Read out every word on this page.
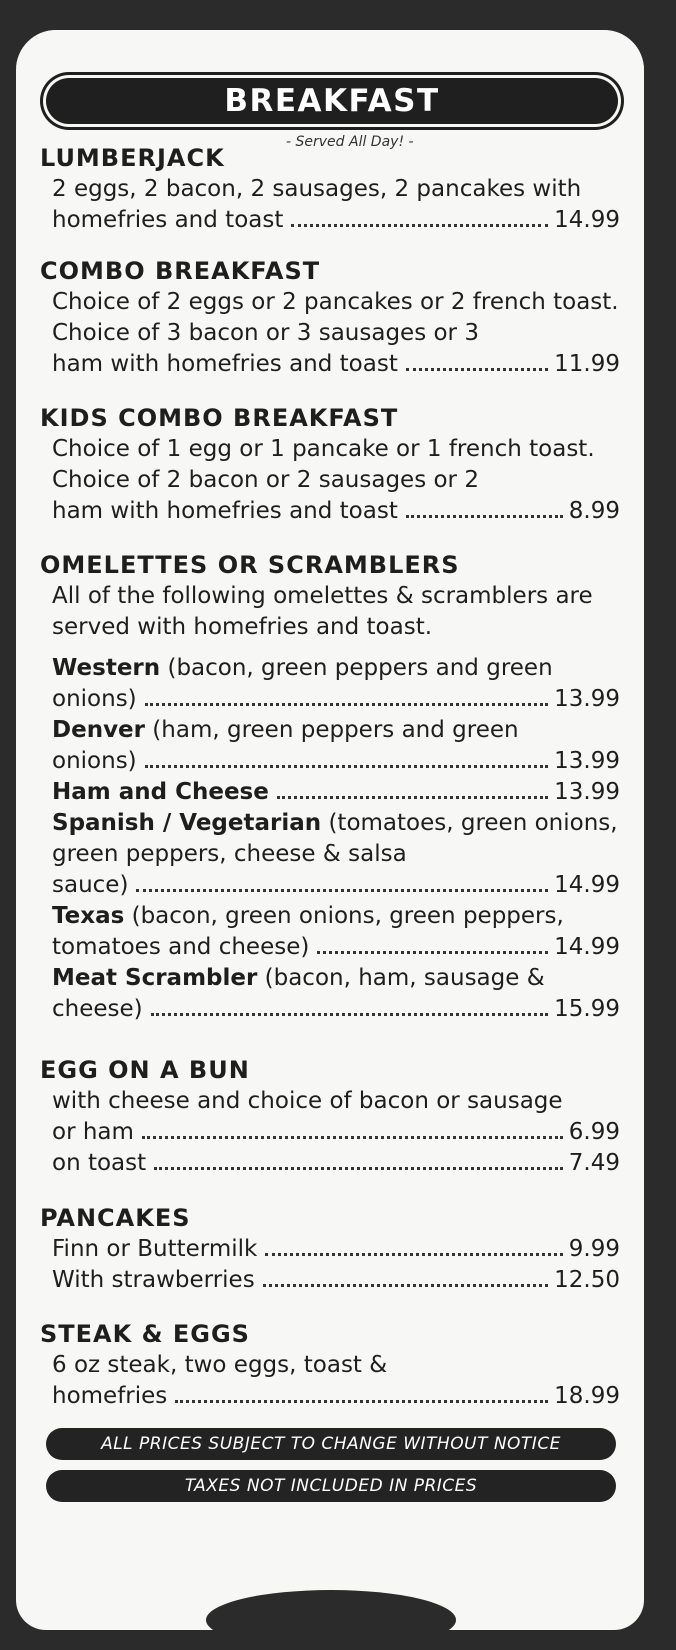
BREAKFAST
- Served All Day! -
LUMBERJACK
2 eggs, 2 bacon, 2 sausages, 2 pancakes with
homefries and toast	14.99
COMBO BREAKFAST
Choice of 2 eggs or 2 pancakes or 2 french toast. Choice of 3 bacon or 3 sausages or 3
ham with homefries and toast	11.99
KIDS COMBO BREAKFAST
Choice of 1 egg or 1 pancake or 1 french toast. Choice of 2 bacon or 2 sausages or 2
ham with homefries and toast	8.99
OMELETTES OR SCRAMBLERS
All of the following omelettes & scramblers are served with homefries and toast.
Western (bacon, green peppers and green
onions)	13.99
Denver (ham, green peppers and green
onions)	13.99
Ham and Cheese	13.99
Spanish / Vegetarian (tomatoes, green onions, green peppers, cheese & salsa
sauce)	14.99
Texas (bacon, green onions, green peppers,
tomatoes and cheese)	14.99
Meat Scrambler (bacon, ham, sausage &
cheese)	15.99
EGG ON A BUN
with cheese and choice of bacon or sausage
or ham	6.99
on toast	7.49
PANCAKES
Finn or Buttermilk	9.99
With strawberries	12.50
STEAK & EGGS
6 oz steak, two eggs, toast &
homefries	18.99
ALL PRICES SUBJECT TO CHANGE WITHOUT NOTICE
TAXES NOT INCLUDED IN PRICES
